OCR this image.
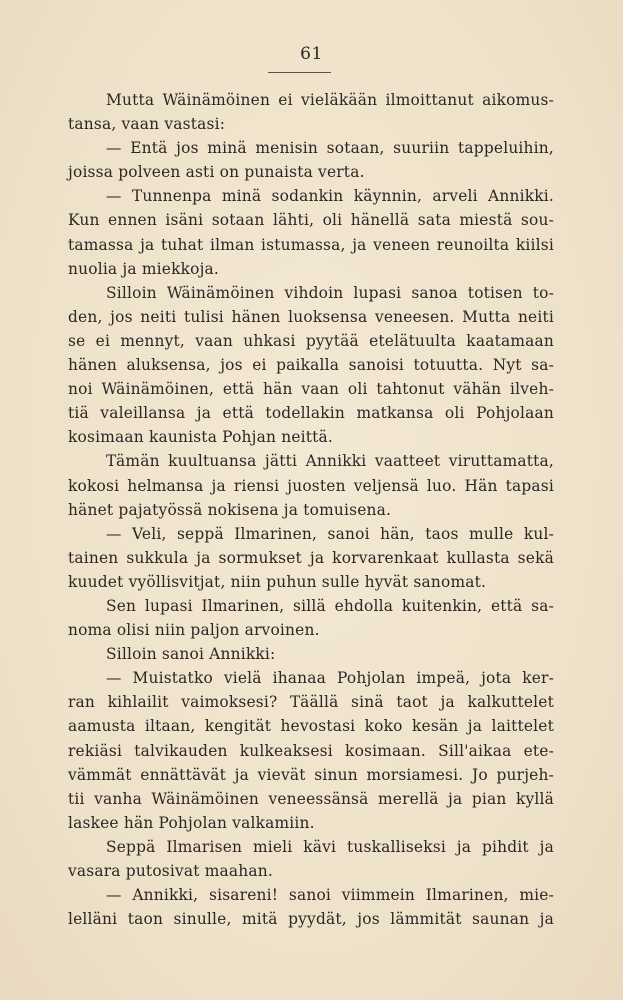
61
Mutta Wäinämöinen ei vieläkään ilmoittanut aikomus-
tansa, vaan vastasi:
— Entä jos minä menisin sotaan, suuriin tappeluihin,
joissa polveen asti on punaista verta.
— Tunnenpa minä sodankin käynnin, arveli Annikki.
Kun ennen isäni sotaan lähti, oli hänellä sata miestä sou-
tamassa ja tuhat ilman istumassa, ja veneen reunoilta kiilsi
nuolia ja miekkoja.
Silloin Wäinämöinen vihdoin lupasi sanoa totisen to-
den, jos neiti tulisi hänen luoksensa veneesen. Mutta neiti
se ei mennyt, vaan uhkasi pyytää etelätuulta kaatamaan
hänen aluksensa, jos ei paikalla sanoisi totuutta. Nyt sa-
noi Wäinämöinen, että hän vaan oli tahtonut vähän ilveh-
tiä valeillansa ja että todellakin matkansa oli Pohjolaan
kosimaan kaunista Pohjan neittä.
Tämän kuultuansa jätti Annikki vaatteet viruttamatta,
kokosi helmansa ja riensi juosten veljensä luo. Hän tapasi
hänet pajatyössä nokisena ja tomuisena.
— Veli, seppä Ilmarinen, sanoi hän, taos mulle kul-
tainen sukkula ja sormukset ja korvarenkaat kullasta sekä
kuudet vyöllisvitjat, niin puhun sulle hyvät sanomat.
Sen lupasi Ilmarinen, sillä ehdolla kuitenkin, että sa-
noma olisi niin paljon arvoinen.
Silloin sanoi Annikki:
— Muistatko vielä ihanaa Pohjolan impeä, jota ker-
ran kihlailit vaimoksesi? Täällä sinä taot ja kalkuttelet
aamusta iltaan, kengität hevostasi koko kesän ja laittelet
rekiäsi talvikauden kulkeaksesi kosimaan. Sill'aikaa ete-
vämmät ennättävät ja vievät sinun morsiamesi. Jo purjeh-
tii vanha Wäinämöinen veneessänsä merellä ja pian kyllä
laskee hän Pohjolan valkamiin.
Seppä Ilmarisen mieli kävi tuskalliseksi ja pihdit ja
vasara putosivat maahan.
— Annikki, sisareni! sanoi viimmein Ilmarinen, mie-
lelläni taon sinulle, mitä pyydät, jos lämmität saunan ja
